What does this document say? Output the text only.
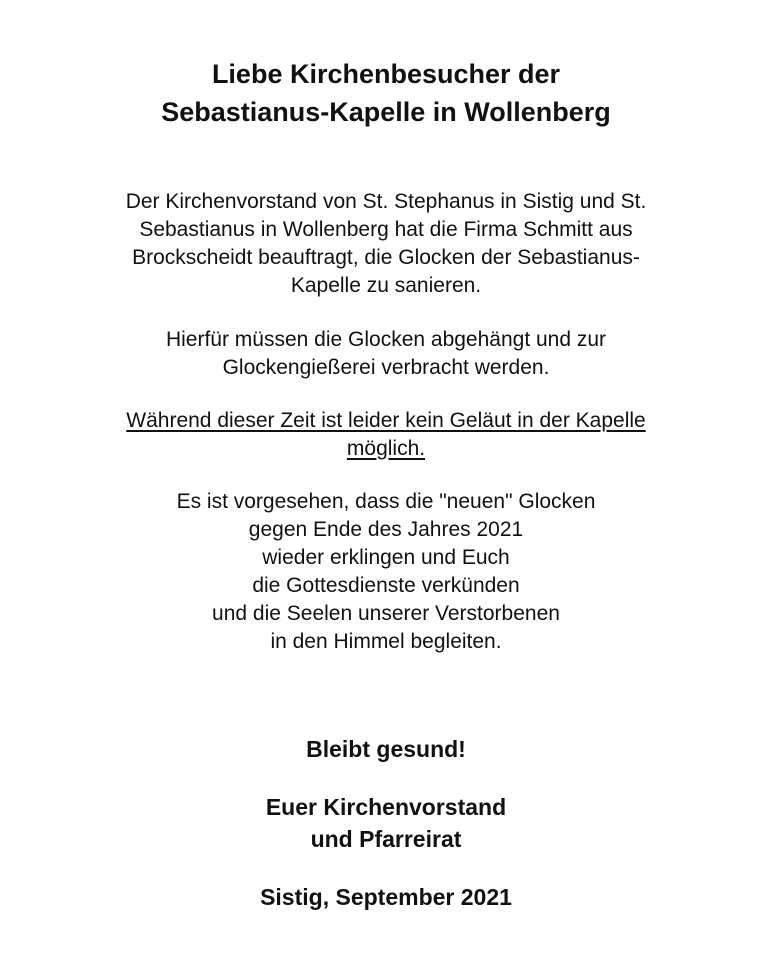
Liebe Kirchenbesucher der
Sebastianus-Kapelle in Wollenberg
Der Kirchenvorstand von St. Stephanus in Sistig und St.
Sebastianus in Wollenberg hat die Firma Schmitt aus
Brockscheidt beauftragt, die Glocken der Sebastianus-
Kapelle zu sanieren.
Hierfür müssen die Glocken abgehängt und zur
Glockengießerei verbracht werden.
Während dieser Zeit ist leider kein Geläut in der Kapelle
möglich.
Es ist vorgesehen, dass die "neuen" Glocken
gegen Ende des Jahres 2021
wieder erklingen und Euch
die Gottesdienste verkünden
und die Seelen unserer Verstorbenen
in den Himmel begleiten.
Bleibt gesund!
Euer Kirchenvorstand
und Pfarreirat
Sistig, September 2021
